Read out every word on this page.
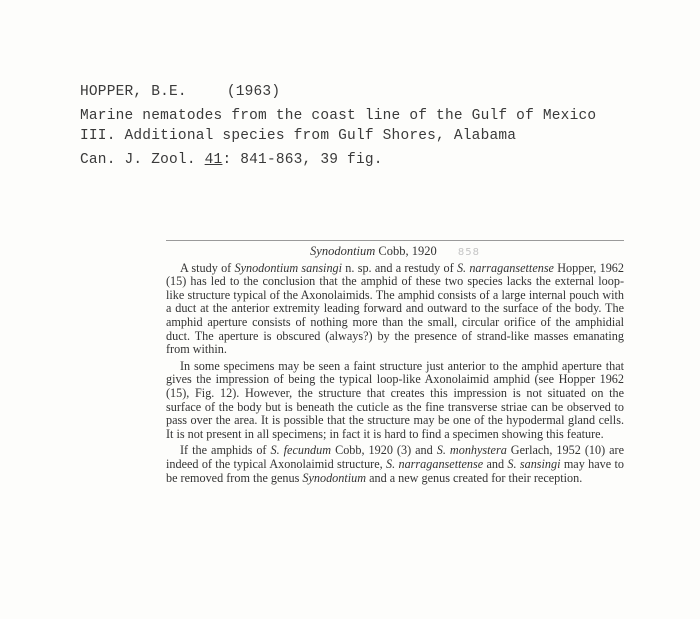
HOPPER, B.E.	(1963)
Marine nematodes from the coast line of the Gulf of Mexico
III. Additional species from Gulf Shores, Alabama
Can. J. Zool. 41: 841-863, 39 fig.
Synodontium Cobb, 1920 858

A study of Synodontium sansingi n. sp. and a restudy of S. narragansettense Hopper, 1962 (15) has led to the conclusion that the amphid of these two species lacks the external loop-like structure typical of the Axonolaimids. The amphid consists of a large internal pouch with a duct at the anterior extremity leading forward and outward to the surface of the body. The amphid aperture consists of nothing more than the small, circular orifice of the amphidial duct. The aperture is obscured (always?) by the presence of strand-like masses emanating from within.

In some specimens may be seen a faint structure just anterior to the amphid aperture that gives the impression of being the typical loop-like Axonolaimid amphid (see Hopper 1962 (15), Fig. 12). However, the structure that creates this impression is not situated on the surface of the body but is beneath the cuticle as the fine transverse striae can be observed to pass over the area. It is possible that the structure may be one of the hypodermal gland cells. It is not present in all specimens; in fact it is hard to find a specimen showing this feature.

If the amphids of S. fecundum Cobb, 1920 (3) and S. monhystera Gerlach, 1952 (10) are indeed of the typical Axonolaimid structure, S. narragansettense and S. sansingi may have to be removed from the genus Synodontium and a new genus created for their reception.
